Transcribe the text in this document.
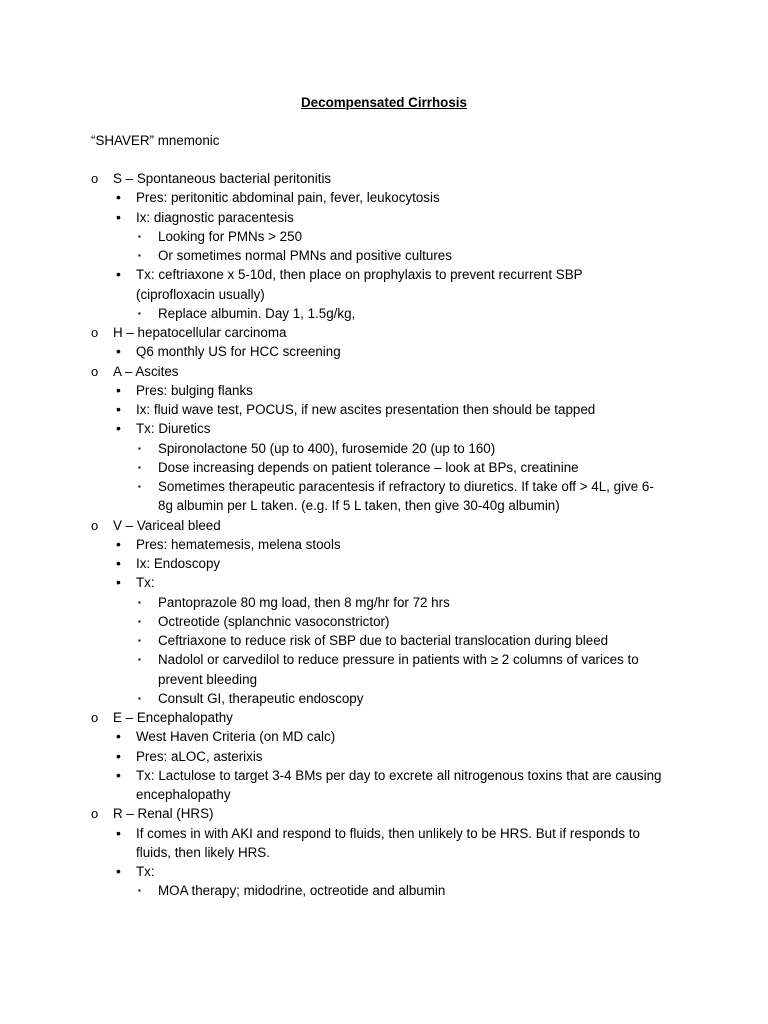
Decompensated Cirrhosis
“SHAVER” mnemonic
o S – Spontaneous bacterial peritonitis
• Pres: peritonitic abdominal pain, fever, leukocytosis
• Ix: diagnostic paracentesis
▪ Looking for PMNs > 250
▪ Or sometimes normal PMNs and positive cultures
• Tx: ceftriaxone x 5-10d, then place on prophylaxis to prevent recurrent SBP
(ciprofloxacin usually)
▪ Replace albumin. Day 1, 1.5g/kg,
o H – hepatocellular carcinoma
• Q6 monthly US for HCC screening
o A – Ascites
• Pres: bulging flanks
• Ix: fluid wave test, POCUS, if new ascites presentation then should be tapped
• Tx: Diuretics
▪ Spironolactone 50 (up to 400), furosemide 20 (up to 160)
▪ Dose increasing depends on patient tolerance – look at BPs, creatinine
▪ Sometimes therapeutic paracentesis if refractory to diuretics. If take off > 4L, give 6-
8g albumin per L taken. (e.g. If 5 L taken, then give 30-40g albumin)
o V – Variceal bleed
• Pres: hematemesis, melena stools
• Ix: Endoscopy
• Tx:
▪ Pantoprazole 80 mg load, then 8 mg/hr for 72 hrs
▪ Octreotide (splanchnic vasoconstrictor)
▪ Ceftriaxone to reduce risk of SBP due to bacterial translocation during bleed
▪ Nadolol or carvedilol to reduce pressure in patients with ≥ 2 columns of varices to
prevent bleeding
▪ Consult GI, therapeutic endoscopy
o E – Encephalopathy
• West Haven Criteria (on MD calc)
• Pres: aLOC, asterixis
• Tx: Lactulose to target 3-4 BMs per day to excrete all nitrogenous toxins that are causing
encephalopathy
o R – Renal (HRS)
• If comes in with AKI and respond to fluids, then unlikely to be HRS. But if responds to
fluids, then likely HRS.
• Tx:
▪ MOA therapy; midodrine, octreotide and albumin
